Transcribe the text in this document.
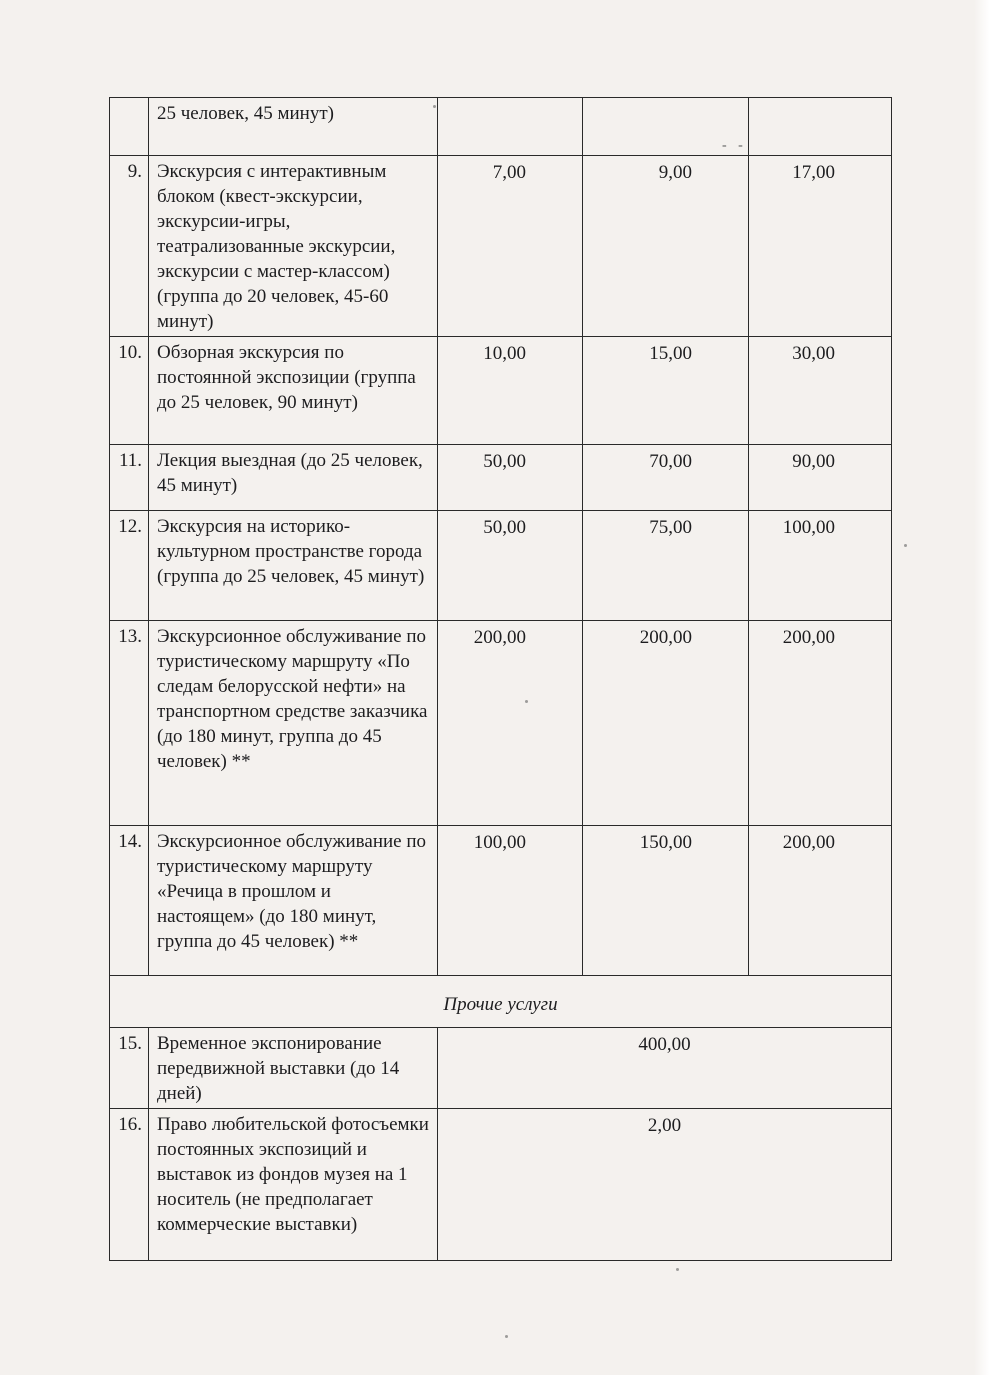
- -
	25 человек, 45 минут)			
9.	Экскурсия с интерактивным блоком (квест-экскурсии, экскурсии-игры, театрализованные экскурсии, экскурсии с мастер-классом) (группа до 20 человек, 45-60 минут)	7,00	9,00	17,00
10.	Обзорная экскурсия по постоянной экспозиции (группа до 25 человек, 90 минут)	10,00	15,00	30,00
11.	Лекция выездная (до 25 человек, 45 минут)	50,00	70,00	90,00
12.	Экскурсия на историко-культурном пространстве города (группа до 25 человек, 45 минут)	50,00	75,00	100,00
13.	Экскурсионное обслуживание по туристическому маршруту «По следам белорусской нефти» на транспортном средстве заказчика (до 180 минут, группа до 45 человек) **	200,00	200,00	200,00
14.	Экскурсионное обслуживание по туристическому маршруту «Речица в прошлом и настоящем» (до 180 минут, группа до 45 человек) **	100,00	150,00	200,00
Прочие услуги				
15.	Временное экспонирование передвижной выставки (до 14 дней)	400,00		
16.	Право любительской фотосъемки постоянных экспозиций и выставок из фондов музея на 1 носитель (не предполагает коммерческие выставки)	2,00		
